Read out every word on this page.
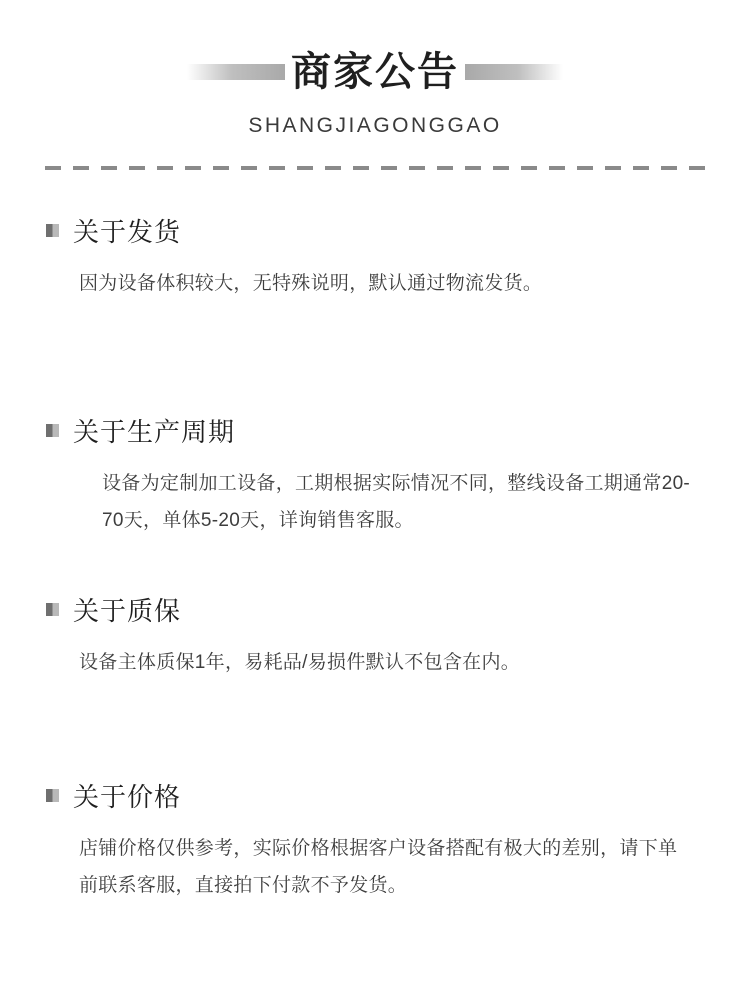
商家公告
SHANGJIAGONGGAO
关于发货
因为设备体积较大，无特殊说明，默认通过物流发货。
关于生产周期
设备为定制加工设备，工期根据实际情况不同，整线设备工期通常20-70天，单体5-20天，详询销售客服。
关于质保
设备主体质保1年，易耗品/易损件默认不包含在内。
关于价格
店铺价格仅供参考，实际价格根据客户设备搭配有极大的差别，请下单前联系客服，直接拍下付款不予发货。
